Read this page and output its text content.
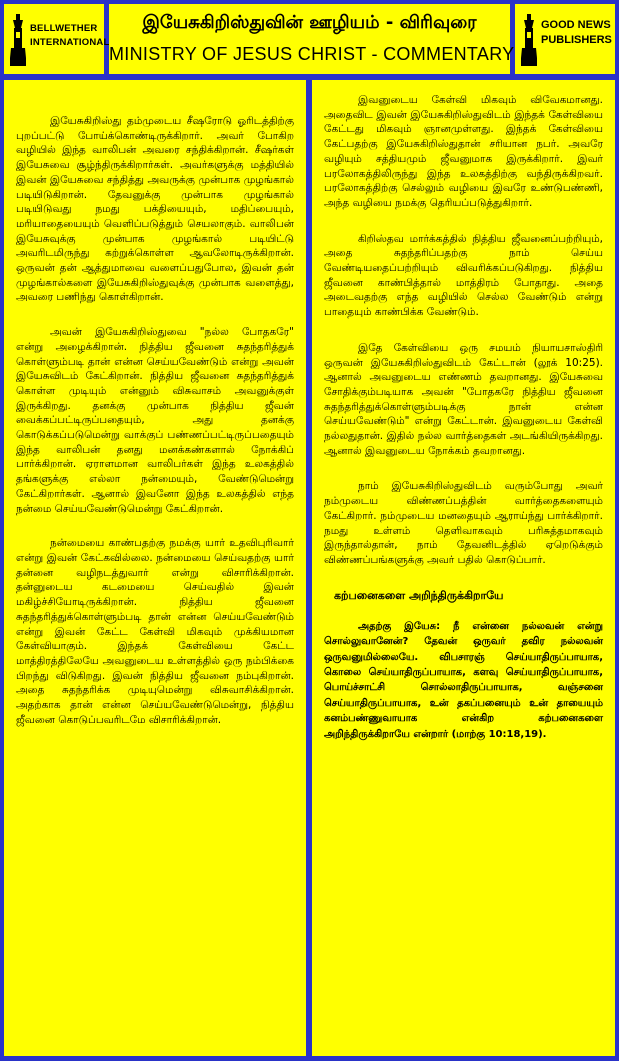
BELLWETHER
INTERNATIONAL
இயேசுகிறிஸ்துவின் ஊழியம் - விரிவுரை
MINISTRY OF JESUS CHRIST - COMMENTARY
GOOD NEWS
PUBLISHERS

இயேசுகிறிஸ்து தம்முடைய சீஷரோடு ஓரிடத்திற்கு புறப்பட்டு போய்க்கொண்டிருக்கிறார். அவர் போகிற வழியில் இந்த வாலிபன் அவரை சந்திக்கிறான். சீஷர்கள் இயேசுவை சூழ்ந்திருக்கிறார்கள். அவர்களுக்கு மத்தியில் இவன் இயேசுவை சந்தித்து அவருக்கு முன்பாக முழங்கால் படியிடுகிறான். தேவனுக்கு முன்பாக முழங்கால் படியிடுவது நமது பக்தியையும், மதிப்பையும், மரியாதையையும் வெளிப்படுத்தும் செயலாகும். வாலிபன் இயேசுவுக்கு முன்பாக முழங்கால் படியிட்டு அவரிடமிருந்து கற்றுக்கொள்ள ஆவலோடிருக்கிறான். ஒருவன் தன் ஆத்துமாவை வளைப்பதுபோல, இவன் தன் முழங்கால்களை இயேசுகிறிஸ்துவுக்கு முன்பாக வளைத்து, அவரை பணிந்து கொள்கிறான்.

அவன் இயேசுகிறிஸ்துவை "நல்ல போதகரே" என்று அழைக்கிறான். நித்திய ஜீவனை சுதந்தரித்துக் கொள்ளும்படி தான் என்ன செய்யவேண்டும் என்று அவன் இயேசுவிடம் கேட்கிறான். நித்திய ஜீவனை சுதந்தரித்துக் கொள்ள முடியும் என்னும் விசுவாசம் அவனுக்குள் இருக்கிறது. தனக்கு முன்பாக நித்திய ஜீவன் வைக்கப்பட்டிருப்பதையும், அது தனக்கு கொடுக்கப்படுமென்று வாக்குப் பண்ணப்பட்டிருப்பதையும் இந்த வாலிபன் தனது மனக்கண்களால் நோக்கிப் பார்க்கிறான். ஏராளமான வாலிபர்கள் இந்த உலகத்தில் தங்களுக்கு எல்லா நன்மையும், வேண்டுமென்று கேட்கிறார்கள். ஆனால் இவனோ இந்த உலகத்தில் எந்த நன்மை செய்யவேண்டுமென்று கேட்கிறான்.

நன்மையை காண்பதற்கு நமக்கு யார் உதவிபுரிவார் என்று இவன் கேட்கவில்லை. நன்மையை செய்வதற்கு யார் தன்னை வழிநடத்துவார் என்று விசாரிக்கிறான். தன்னுடைய கடமையை செய்வதில் இவன் மகிழ்ச்சியோடிருக்கிறான். நித்திய ஜீவனை சுதந்தரித்துக்கொள்ளும்படி தான் என்ன செய்யவேண்டும் என்று இவன் கேட்ட கேள்வி மிகவும் முக்கியமான கேள்வியாகும். இந்தக் கேள்வியை கேட்ட மாத்திரத்திலேயே அவனுடைய உள்ளத்தில் ஒரு நம்பிக்கை பிறந்து விடுகிறது. இவன் நித்திய ஜீவனை நம்புகிறான். அதை சுதந்தரிக்க முடியுமென்று விசுவாசிக்கிறான். அதற்காக தான் என்ன செய்யவேண்டுமென்று, நித்திய ஜீவனை கொடுப்பவரிடமே விசாரிக்கிறான்.

இவனுடைய கேள்வி மிகவும் விவேகமானது. அதைவிட இவன் இயேசுகிறிஸ்துவிடம் இந்தக் கேள்வியை கேட்டது மிகவும் ஞானமுள்ளது. இந்தக் கேள்வியை கேட்பதற்கு இயேசுகிறிஸ்துதான் சரியான நபர். அவரே வழியும் சத்தியமும் ஜீவனுமாக இருக்கிறார். இவர் பரலோகத்திலிருந்து இந்த உலகத்திற்கு வந்திருக்கிறவர். பரலோகத்திற்கு செல்லும் வழியை இவரே உண்டுபண்ணி, அந்த வழியை நமக்கு தெரியப்படுத்துகிறார்.

கிறிஸ்தவ மார்க்கத்தில் நித்திய ஜீவனைப்பற்றியும், அதை சுதந்தரிப்பதற்கு நாம் செய்ய வேண்டியதைப்பற்றியும் விவரிக்கப்படுகிறது. நித்திய ஜீவனை காண்பித்தால் மாத்திரம் போதாது. அதை அடைவதற்கு எந்த வழியில் செல்ல வேண்டும் என்று பாதையும் காண்பிக்க வேண்டும்.

இதே கேள்வியை ஒரு சமயம் நியாயசாஸ்திரி ஒருவன் இயேசுகிறிஸ்துவிடம் கேட்டான் (லூக் 10:25). ஆனால் அவனுடைய எண்ணம் தவறானது. இயேசுவை சோதிக்கும்படியாக அவன் "போதகரே நித்திய ஜீவனை சுதந்தரித்துக்கொள்ளும்படிக்கு நான் என்ன செய்யவேண்டும்" என்று கேட்டான். இவனுடைய கேள்வி நல்லதுதான். இதில் நல்ல வார்த்தைகள் அடங்கியிருக்கிறது. ஆனால் இவனுடைய நோக்கம் தவறானது.

நாம் இயேசுகிறிஸ்துவிடம் வரும்போது அவர் நம்முடைய விண்ணப்பத்தின் வார்த்தைகளையும் கேட்கிறார். நம்முடைய மனதையும் ஆராய்ந்து பார்க்கிறார். நமது உள்ளம் தெளிவாகவும் பரிசுத்தமாகவும் இருந்தால்தான், நாம் தேவனிடத்தில் ஏறெடுக்கும் விண்ணப்பங்களுக்கு அவர் பதில் கொடுப்பார்.

கற்பனைகளை அறிந்திருக்கிறாயே

அதற்கு இயேசு: நீ என்னை நல்லவன் என்று சொல்லுவானேன்? தேவன் ஒருவர் தவிர நல்லவன் ஒருவனுமில்லையே. விபசாரஞ் செய்யாதிருப்பாயாக, கொலை செய்யாதிருப்பாயாக, களவு செய்யாதிருப்பாயாக, பொய்ச்சாட்சி சொல்லாதிருப்பாயாக, வஞ்சனை செய்யாதிருப்பாயாக, உன் தகப்பனையும் உன் தாயையும் கனம்பண்ணுவாயாக என்கிற கற்பனைகளை அறிந்திருக்கிறாயே என்றார் (மாற்கு 10:18,19).
